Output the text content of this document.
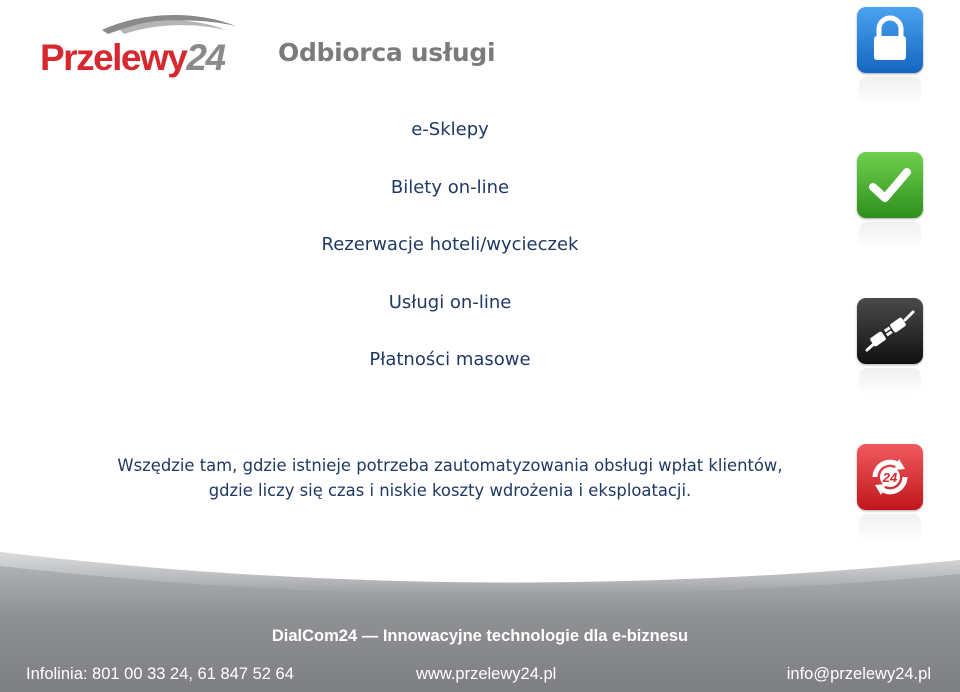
Przelewy24 Odbiorca usługi
e-Sklepy
Bilety on-line
Rezerwacje hoteli/wycieczek
Usługi on-line
Płatności masowe
Wszędzie tam, gdzie istnieje potrzeba zautomatyzowania obsługi wpłat klientów,
gdzie liczy się czas i niskie koszty wdrożenia i eksploatacji.
24
DialCom24 — Innowacyjne technologie dla e-biznesu
Infolinia: 801 00 33 24, 61 847 52 64	www.przelewy24.pl	info@przelewy24.pl
